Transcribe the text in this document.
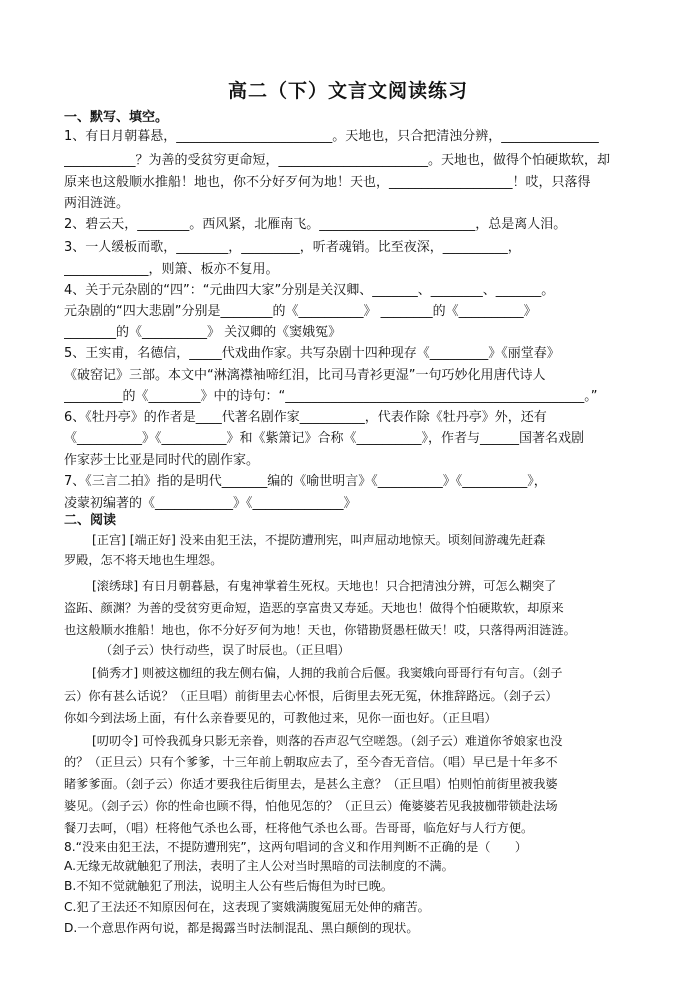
高二（下）文言文阅读练习
一、默写、填空。
1、有日月朝暮悬，________________________。天地也，只合把清浊分辨，_______________
___________？为善的受贫穷更命短，_______________________。天地也，做得个怕硬欺软，却
原来也这般顺水推船！地也，你不分好歹何为地！天也，___________________！哎，只落得
两泪涟涟。
2、碧云天，________。西风紧，北雁南飞。________________________，总是离人泪。
3、一人缓板而歌，________，_________，听者魂销。比至夜深，__________，
_____________，则箫、板亦不复用。
4、关于元杂剧的“四”：“元曲四大家”分别是关汉卿、_______、________、_______。
元杂剧的“四大悲剧”分别是________的《__________》 ________的《__________》
________的《__________》 关汉卿的《窦娥冤》
5、王实甫，名德信，_____代戏曲作家。共写杂剧十四种现存《_________》《丽堂春》
《破窑记》三部。本文中“淋漓襟袖啼红泪，比司马青衫更湿”一句巧妙化用唐代诗人
_________的《________》中的诗句：“______________________________________________。”
6、《牡丹亭》的作者是____代著名剧作家__________，代表作除《牡丹亭》外，还有
《__________》《__________》和《紫箫记》合称《__________》，作者与______国著名戏剧
作家莎士比亚是同时代的剧作家。
7、《三言二拍》指的是明代_______编的《喻世明言》《__________》《__________》，
凌蒙初编著的《____________》《______________》
二、阅读
[正宫] [端正好] 没来由犯王法，不提防遭刑宪，叫声屈动地惊天。顷刻间游魂先赶森
罗殿，怎不将天地也生埋怨。
[滚绣球] 有日月朝暮悬，有鬼神掌着生死权。天地也！只合把清浊分辨，可怎么糊突了
盗跖、颜渊？为善的受贫穷更命短，造恶的享富贵又寿延。天地也！做得个怕硬欺软，却原来
也这般顺水推船！地也，你不分好歹何为地！天也，你错勘贤愚枉做天！哎，只落得两泪涟涟。
（刽子云）快行动些，误了时辰也。（正旦唱）
[倘秀才] 则被这枷纽的我左侧右偏，人拥的我前合后偃。我窦娥向哥哥行有句言。（刽子
云）你有甚么话说？（正旦唱）前街里去心怀恨，后街里去死无冤，休推辞路远。（刽子云）
你如今到法场上面，有什么亲眷要见的，可教他过来，见你一面也好。（正旦唱）
[叨叨令] 可怜我孤身只影无亲眷，则落的吞声忍气空嗟怨。（刽子云）难道你爷娘家也没
的？（正旦云）只有个爹爹，十三年前上朝取应去了，至今杳无音信。（唱）早已是十年多不
睹爹爹面。（刽子云）你适才要我往后街里去，是甚么主意？（正旦唱）怕则怕前街里被我婆
婆见。（刽子云）你的性命也顾不得，怕他见怎的？（正旦云）俺婆婆若见我披枷带锁赴法场
餐刀去呵，（唱）枉将他气杀也么哥，枉将他气杀也么哥。告哥哥，临危好与人行方便。
8.“没来由犯王法，不提防遭刑宪”，这两句唱词的含义和作用判断不正确的是（　　）
A.无缘无故就触犯了刑法，表明了主人公对当时黑暗的司法制度的不满。
B.不知不觉就触犯了刑法，说明主人公有些后悔但为时已晚。
C.犯了王法还不知原因何在，这表现了窦娥满腹冤屈无处伸的痛苦。
D.一个意思作两句说，都是揭露当时法制混乱、黑白颠倒的现状。
